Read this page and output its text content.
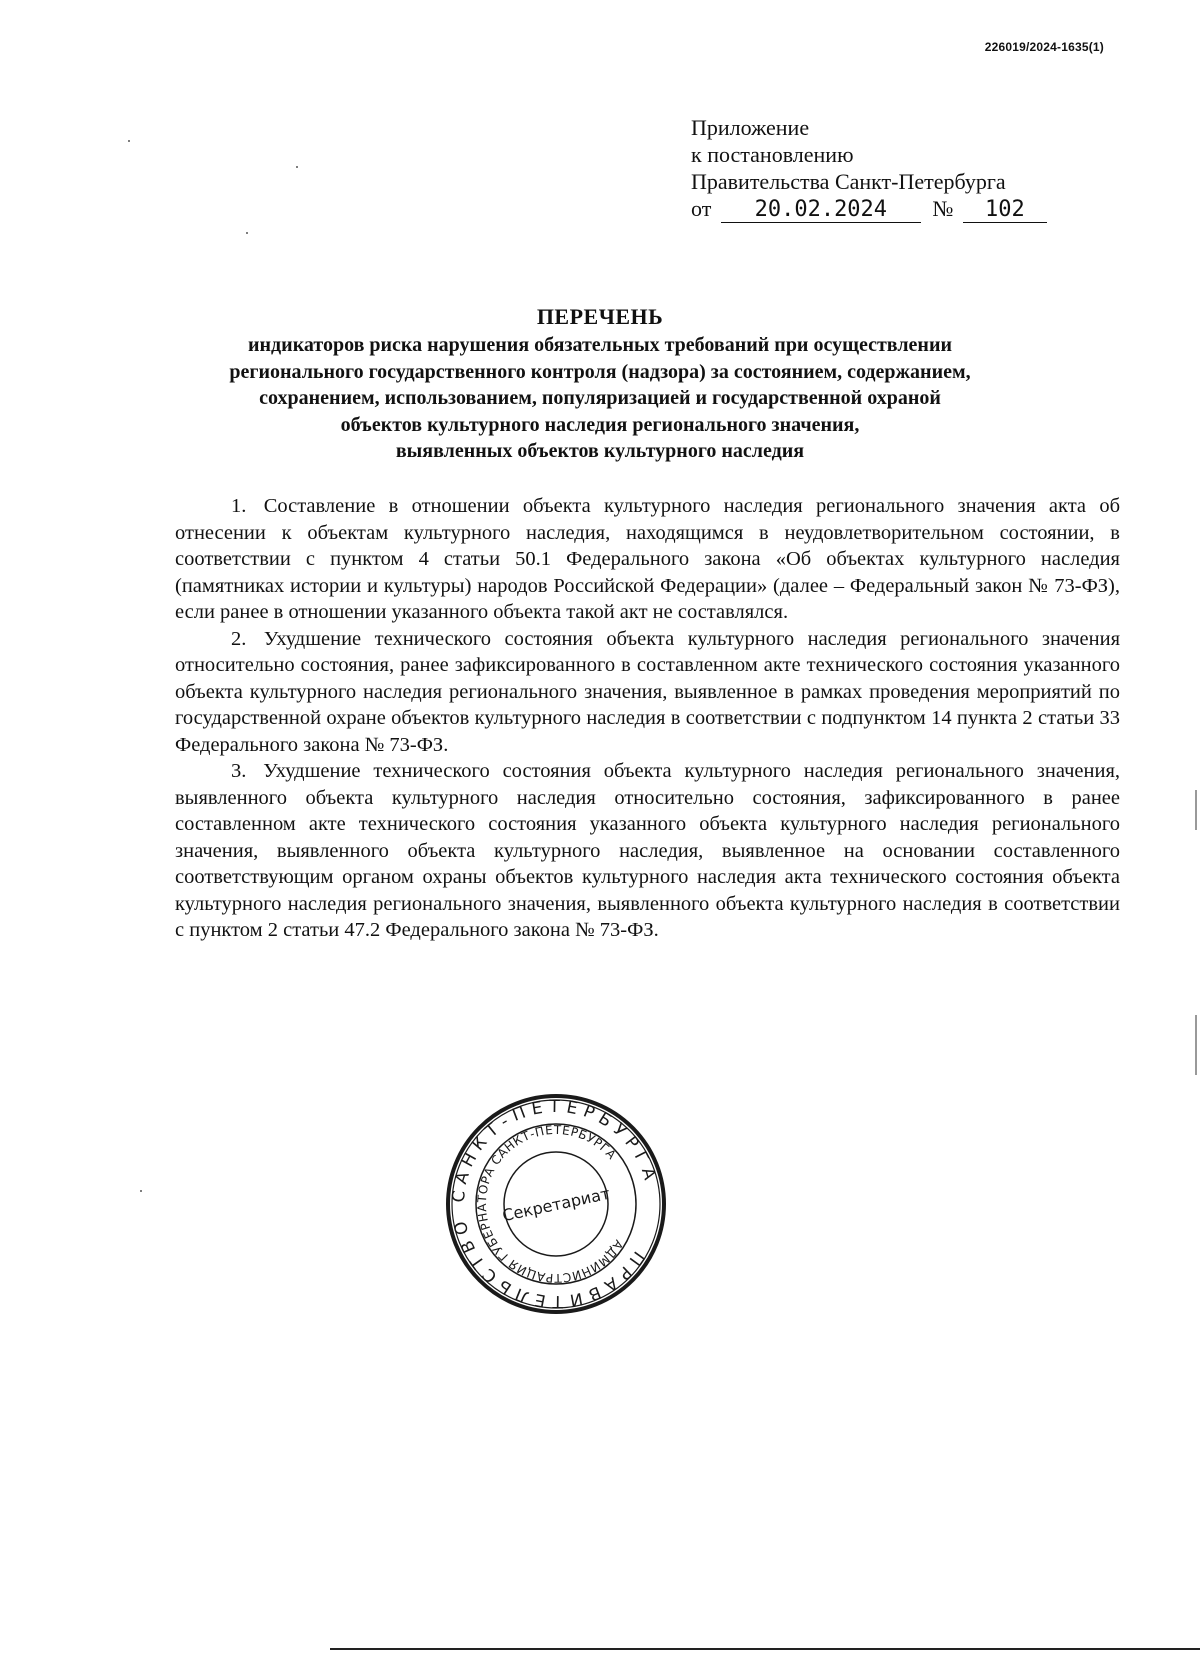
226019/2024-1635(1)
Приложение
к постановлению
Правительства Санкт-Петербурга
от 20.02.2024 № 102
ПЕРЕЧЕНЬ
индикаторов риска нарушения обязательных требований при осуществлении
регионального государственного контроля (надзора) за состоянием, содержанием,
сохранением, использованием, популяризацией и государственной охраной
объектов культурного наследия регионального значения,
выявленных объектов культурного наследия

1. Составление в отношении объекта культурного наследия регионального значения акта об отнесении к объектам культурного наследия, находящимся в неудовлетворительном состоянии, в соответствии с пунктом 4 статьи 50.1 Федерального закона «Об объектах культурного наследия (памятниках истории и культуры) народов Российской Федерации» (далее – Федеральный закон № 73-ФЗ), если ранее в отношении указанного объекта такой акт не составлялся.

2. Ухудшение технического состояния объекта культурного наследия регионального значения относительно состояния, ранее зафиксированного в составленном акте технического состояния указанного объекта культурного наследия регионального значения, выявленное в рамках проведения мероприятий по государственной охране объектов культурного наследия в соответствии с подпунктом 14 пункта 2 статьи 33 Федерального закона № 73-ФЗ.

3. Ухудшение технического состояния объекта культурного наследия регионального значения, выявленного объекта культурного наследия относительно состояния, зафиксированного в ранее составленном акте технического состояния указанного объекта культурного наследия регионального значения, выявленного объекта культурного наследия, выявленное на основании составленного соответствующим органом охраны объектов культурного наследия акта технического состояния объекта культурного наследия регионального значения, выявленного объекта культурного наследия в соответствии с пунктом 2 статьи 47.2 Федерального закона № 73-ФЗ.

ПРАВИТЕЛЬСТВО САНКТ-ПЕТЕРБУРГА
АДМИНИСТРАЦИЯ ГУБЕРНАТОРА САНКТ-ПЕТЕРБУРГА
Секретариат
